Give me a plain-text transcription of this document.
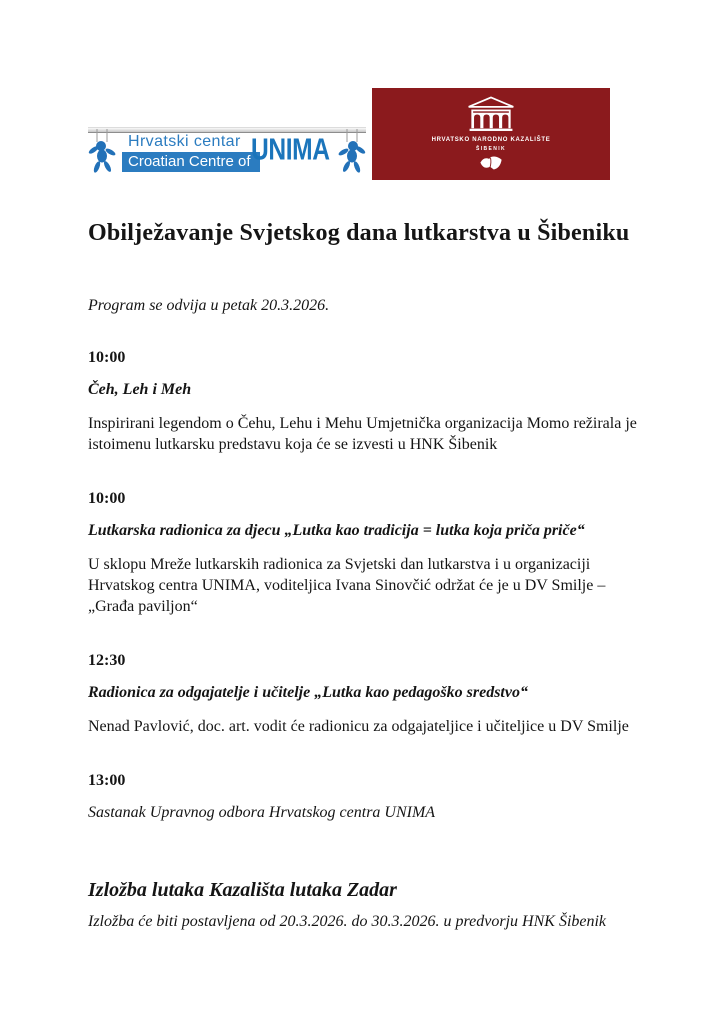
Hrvatski centar
Croatian Centre of UNIMA	HRVATSKO NARODNO KAZALIŠTE
ŠIBENIK
Obilježavanje Svjetskog dana lutkarstva u Šibeniku

Program se odvija u petak 20.3.2026.

10:00
Čeh, Leh i Meh

Inspirirani legendom o Čehu, Lehu i Mehu Umjetnička organizacija Momo režirala je istoimenu lutkarsku predstavu koja će se izvesti u HNK Šibenik

10:00
Lutkarska radionica za djecu „Lutka kao tradicija = lutka koja priča priče“

U sklopu Mreže lutkarskih radionica za Svjetski dan lutkarstva i u organizaciji Hrvatskog centra UNIMA, voditeljica Ivana Sinovčić održat će je u DV Smilje – „Građa paviljon“

12:30
Radionica za odgajatelje i učitelje „Lutka kao pedagoško sredstvo“

Nenad Pavlović, doc. art. vodit će radionicu za odgajateljice i učiteljice u DV Smilje

13:00

Sastanak Upravnog odbora Hrvatskog centra UNIMA

Izložba lutaka Kazališta lutaka Zadar

Izložba će biti postavljena od 20.3.2026. do 30.3.2026. u predvorju HNK Šibenik
